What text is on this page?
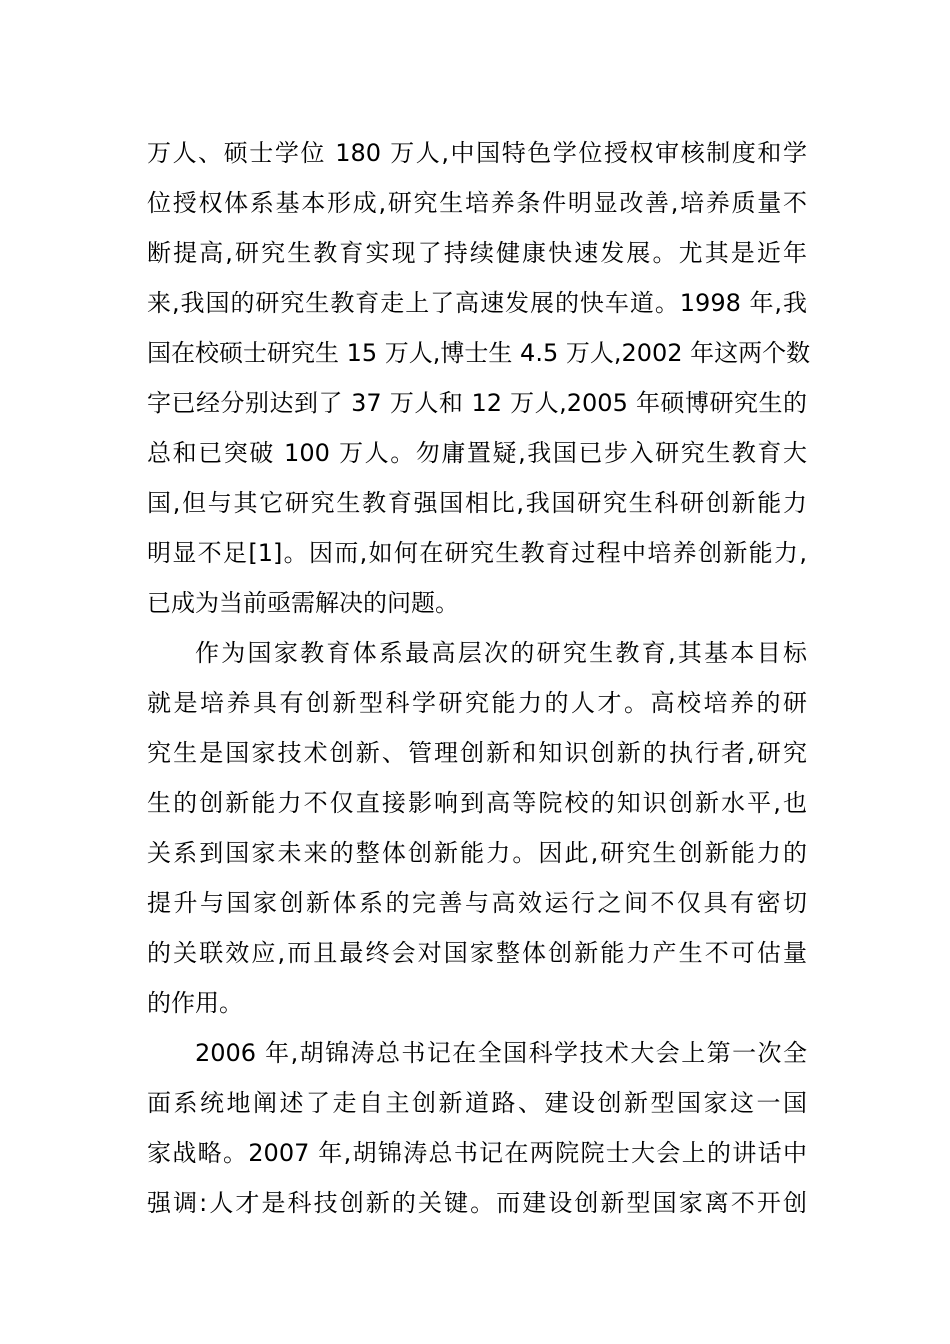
万人、硕士学位 180 万人,中国特色学位授权审核制度和学
位授权体系基本形成,研究生培养条件明显改善,培养质量不
断提高,研究生教育实现了持续健康快速发展。尤其是近年
来,我国的研究生教育走上了高速发展的快车道。1998 年,我
国在校硕士研究生 15 万人,博士生 4.5 万人,2002 年这两个数
字已经分别达到了 37 万人和 12 万人,2005 年硕博研究生的
总和已突破 100 万人。勿庸置疑,我国已步入研究生教育大
国,但与其它研究生教育强国相比,我国研究生科研创新能力
明显不足[1]。因而,如何在研究生教育过程中培养创新能力,
已成为当前亟需解决的问题。
作为国家教育体系最高层次的研究生教育,其基本目标
就是培养具有创新型科学研究能力的人才。高校培养的研
究生是国家技术创新、管理创新和知识创新的执行者,研究
生的创新能力不仅直接影响到高等院校的知识创新水平,也
关系到国家未来的整体创新能力。因此,研究生创新能力的
提升与国家创新体系的完善与高效运行之间不仅具有密切
的关联效应,而且最终会对国家整体创新能力产生不可估量
的作用。
2006 年,胡锦涛总书记在全国科学技术大会上第一次全
面系统地阐述了走自主创新道路、建设创新型国家这一国
家战略。2007 年,胡锦涛总书记在两院院士大会上的讲话中
强调:人才是科技创新的关键。而建设创新型国家离不开创
